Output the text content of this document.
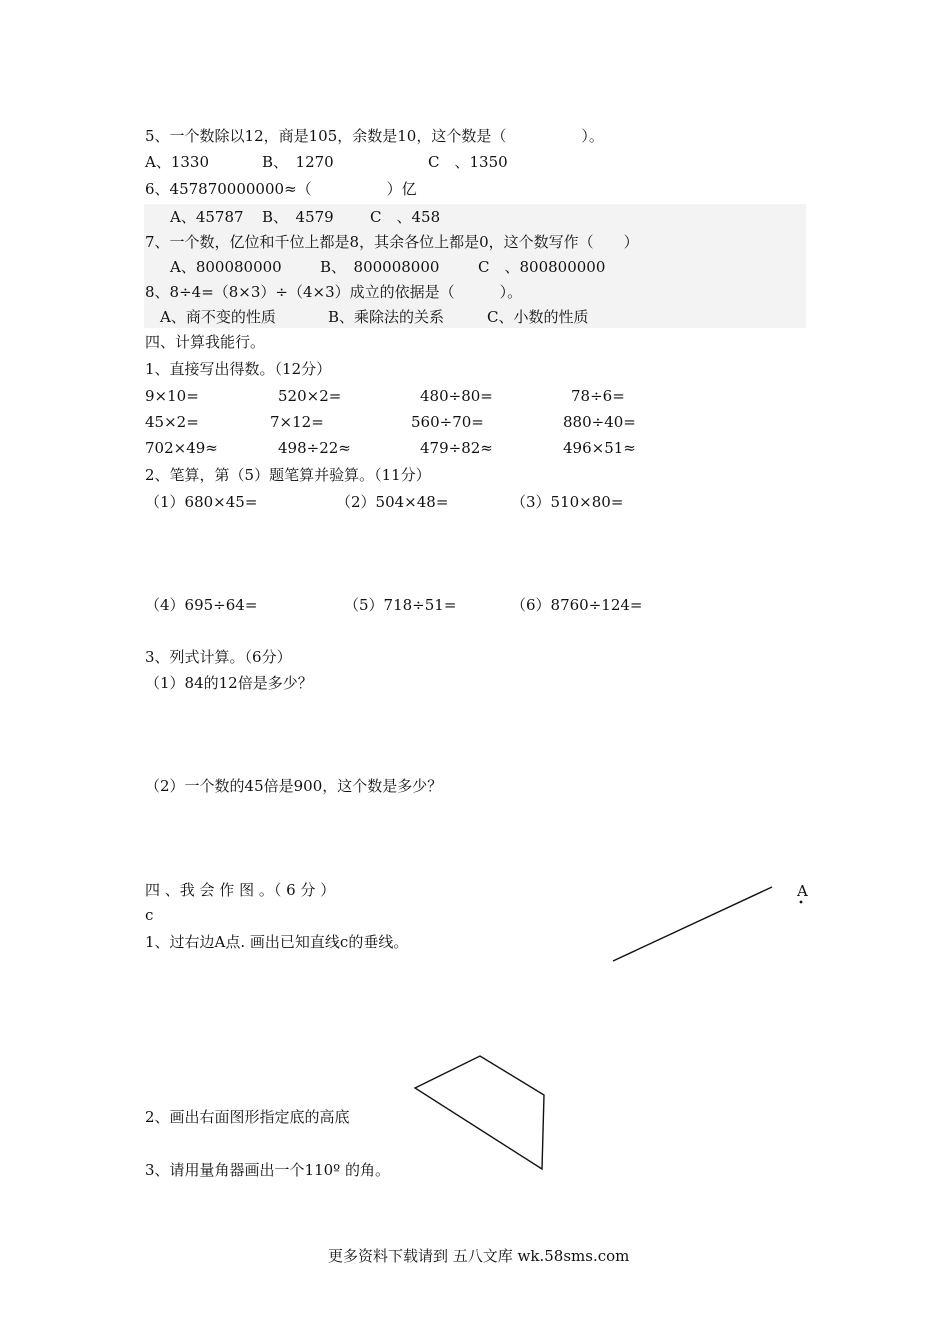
5、一个数除以12，商是105，余数是10，这个数是（　　　　　）。
A、1330	B、　1270	C　、1350
6、457870000000≈（　　　　　）亿
A、45787 B、　4579 C　、458
7、一个数，亿位和千位上都是8，其余各位上都是0，这个数写作（　　）
A、800080000	B、　800008000	C　、800800000
8、8÷4=（8×3）÷（4×3）成立的依据是（　　　）。
A、商不变的性质	B、乘除法的关系	C、小数的性质
四、计算我能行。
1、直接写出得数。（12分）
9×10=	520×2=	480÷80=	78÷6=
45×2=	7×12=	560÷70=	880÷40=
702×49≈	498÷22≈	479÷82≈	496×51≈
2、笔算，第（5）题笔算并验算。（11分）
（1）680×45=	（2）504×48=	（3）510×80=
（4）695÷64=	（5）718÷51=	（6）8760÷124=
3、列式计算。（6分）
（1）84的12倍是多少？
（2）一个数的45倍是900，这个数是多少？
四 、我 会 作 图 。（ 6 分 ）
c
A
1、过右边A点. 画出已知直线c的垂线。
2、画出右面图形指定底的高底
3、请用量角器画出一个110º 的角。
更多资料下载请到 五八文库 wk.58sms.com
